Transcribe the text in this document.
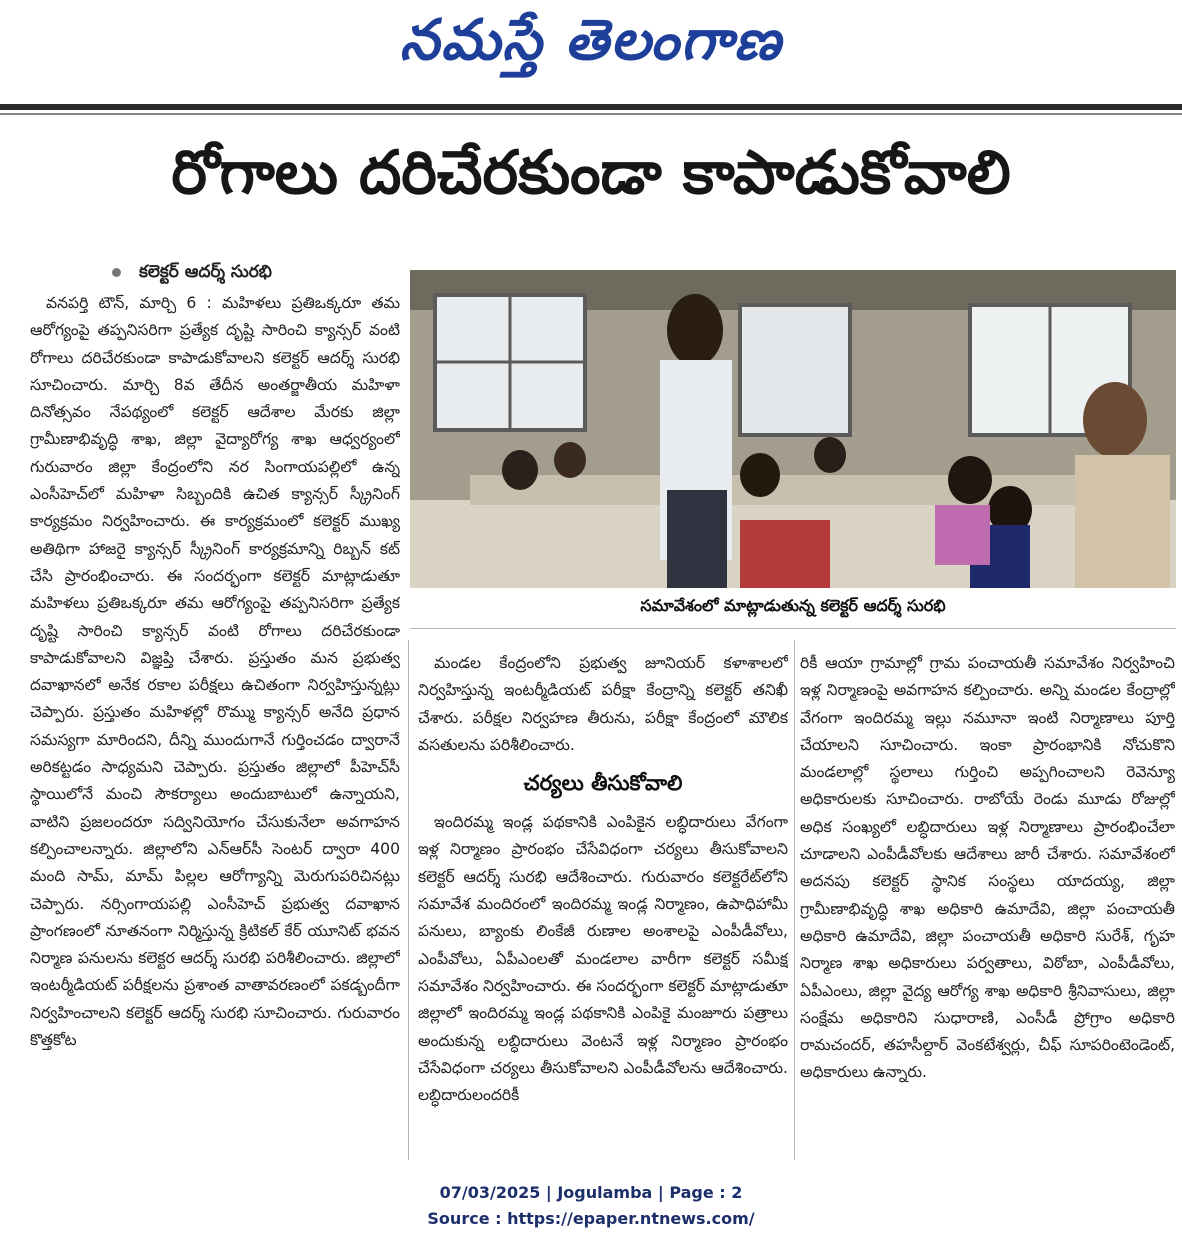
నమస్తే తెలంగాణ
రోగాలు దరిచేరకుండా కాపాడుకోవాలి
కలెక్టర్ ఆదర్శ్ సురభి

వనపర్తి టౌన్, మార్చి 6 : మహిళలు ప్రతిఒక్కరూ తమ ఆరోగ్యంపై తప్పనిసరిగా ప్రత్యేక దృష్టి సారించి క్యాన్సర్ వంటి రోగాలు దరిచేరకుండా కాపాడుకోవాలని కలెక్టర్ ఆదర్శ్ సురభి సూచించారు. మార్చి 8వ తేదీన అంతర్జాతీయ మహిళా దినోత్సవం నేపథ్యంలో కలెక్టర్ ఆదేశాల మేరకు జిల్లా గ్రామీణాభివృద్ధి శాఖ, జిల్లా వైద్యారోగ్య శాఖ ఆధ్వర్యంలో గురువారం జిల్లా కేంద్రంలోని నర సింగాయపల్లిలో ఉన్న ఎంసీహెచ్‌లో మహిళా సిబ్బందికి ఉచిత క్యాన్సర్ స్క్రీనింగ్ కార్యక్రమం నిర్వహించారు. ఈ కార్యక్రమంలో కలెక్టర్ ముఖ్య అతిథిగా హాజరై క్యాన్సర్ స్క్రీనింగ్ కార్యక్రమాన్ని రిబ్బన్ కట్ చేసి ప్రారంభించారు. ఈ సందర్భంగా కలెక్టర్ మాట్లాడుతూ మహిళలు ప్రతిఒక్కరూ తమ ఆరోగ్యంపై తప్పనిసరిగా ప్రత్యేక దృష్టి సారించి క్యాన్సర్ వంటి రోగాలు దరిచేరకుండా కాపాడుకోవాలని విజ్ఞప్తి చేశారు. ప్రస్తుతం మన ప్రభుత్వ దవాఖానలో అనేక రకాల పరీక్షలు ఉచితంగా నిర్వహిస్తున్నట్లు చెప్పారు. ప్రస్తుతం మహిళల్లో రొమ్ము క్యాన్సర్ అనేది ప్రధాన సమస్యగా మారిందని, దీన్ని ముందుగానే గుర్తించడం ద్వారానే అరికట్టడం సాధ్యమని చెప్పారు. ప్రస్తుతం జిల్లాలో పీహెచ్‌సీ స్థాయిలోనే మంచి సౌకర్యాలు అందుబాటులో ఉన్నాయని, వాటిని ప్రజలందరూ సద్వినియోగం చేసుకునేలా అవగాహన కల్పించాలన్నారు. జిల్లాలోని ఎన్‌ఆర్‌సీ సెంటర్ ద్వారా 400 మంది సామ్, మామ్ పిల్లల ఆరోగ్యాన్ని మెరుగుపరిచినట్లు చెప్పారు. నర్సింగాయపల్లి ఎంసీహెచ్ ప్రభుత్వ దవాఖాన ప్రాంగణంలో నూతనంగా నిర్మిస్తున్న క్రిటికల్ కేర్ యూనిట్ భవన నిర్మాణ పనులను కలెక్టర ఆదర్శ్ సురభి పరిశీలించారు. జిల్లాలో ఇంటర్మీడియట్ పరీక్షలను ప్రశాంత వాతావరణంలో పకడ్బందీగా నిర్వహించాలని కలెక్టర్ ఆదర్శ్ సురభి సూచించారు. గురువారం కొత్తకోట

సమావేశంలో మాట్లాడుతున్న కలెక్టర్ ఆదర్శ్ సురభి

మండల కేంద్రంలోని ప్రభుత్వ జూనియర్ కళాశాలలో నిర్వహిస్తున్న ఇంటర్మీడియట్ పరీక్షా కేంద్రాన్ని కలెక్టర్ తనిఖీ చేశారు. పరీక్షల నిర్వహణ తీరును, పరీక్షా కేంద్రంలో మౌలిక వసతులను పరిశీలించారు.

చర్యలు తీసుకోవాలి

ఇందిరమ్మ ఇండ్ల పథకానికి ఎంపికైన లబ్ధిదారులు వేగంగా ఇళ్ల నిర్మాణం ప్రారంభం చేసేవిధంగా చర్యలు తీసుకోవాలని కలెక్టర్ ఆదర్శ్ సురభి ఆదేశించారు. గురువారం కలెక్టరేట్‌లోని సమావేశ మందిరంలో ఇందిరమ్మ ఇండ్ల నిర్మాణం, ఉపాధిహామీ పనులు, బ్యాంకు లింకేజీ రుణాల అంశాలపై ఎంపీడీవోలు, ఎంపీవోలు, ఏపీఎంలతో మండలాల వారీగా కలెక్టర్ సమీక్ష సమావేశం నిర్వహించారు. ఈ సందర్భంగా కలెక్టర్ మాట్లాడుతూ జిల్లాలో ఇందిరమ్మ ఇండ్ల పథకానికి ఎంపికై మంజూరు పత్రాలు అందుకున్న లబ్ధిదారులు వెంటనే ఇళ్ల నిర్మాణం ప్రారంభం చేసేవిధంగా చర్యలు తీసుకోవాలని ఎంపీడీవోలను ఆదేశించారు. లబ్ధిదారులందరికీ

రికీ ఆయా గ్రామాల్లో గ్రామ పంచాయతీ సమావేశం నిర్వహించి ఇళ్ల నిర్మాణంపై అవగాహన కల్పించారు. అన్ని మండల కేంద్రాల్లో వేగంగా ఇందిరమ్మ ఇల్లు నమూనా ఇంటి నిర్మాణాలు పూర్తి చేయాలని సూచించారు. ఇంకా ప్రారంభానికి నోచుకొని మండలాల్లో స్థలాలు గుర్తించి అప్పగించాలని రెవెన్యూ అధికారులకు సూచించారు. రాబోయే రెండు మూడు రోజుల్లో అధిక సంఖ్యలో లబ్ధిదారులు ఇళ్ల నిర్మాణాలు ప్రారంభించేలా చూడాలని ఎంపీడీవోలకు ఆదేశాలు జారీ చేశారు. సమావేశంలో అదనపు కలెక్టర్ స్థానిక సంస్థలు యాదయ్య, జిల్లా గ్రామీణాభివృద్ధి శాఖ అధికారి ఉమాదేవి, జిల్లా పంచాయతీ అధికారి ఉమాదేవి, జిల్లా పంచాయతీ అధికారి సురేశ్, గృహ నిర్మాణ శాఖ అధికారులు పర్వతాలు, విఠోబా, ఎంపీడీవోలు, ఏపీఎంలు, జిల్లా వైద్య ఆరోగ్య శాఖ అధికారి శ్రీనివాసులు, జిల్లా సంక్షేమ అధికారిని సుధారాణి, ఎంసీడీ ప్రోగ్రాం అధికారి రామచందర్, తహసీల్దార్ వెంకటేశ్వర్లు, చీఫ్ సూపరింటెండెంట్, అధికారులు ఉన్నారు.

07/03/2025 | Jogulamba | Page : 2
Source : https://epaper.ntnews.com/
